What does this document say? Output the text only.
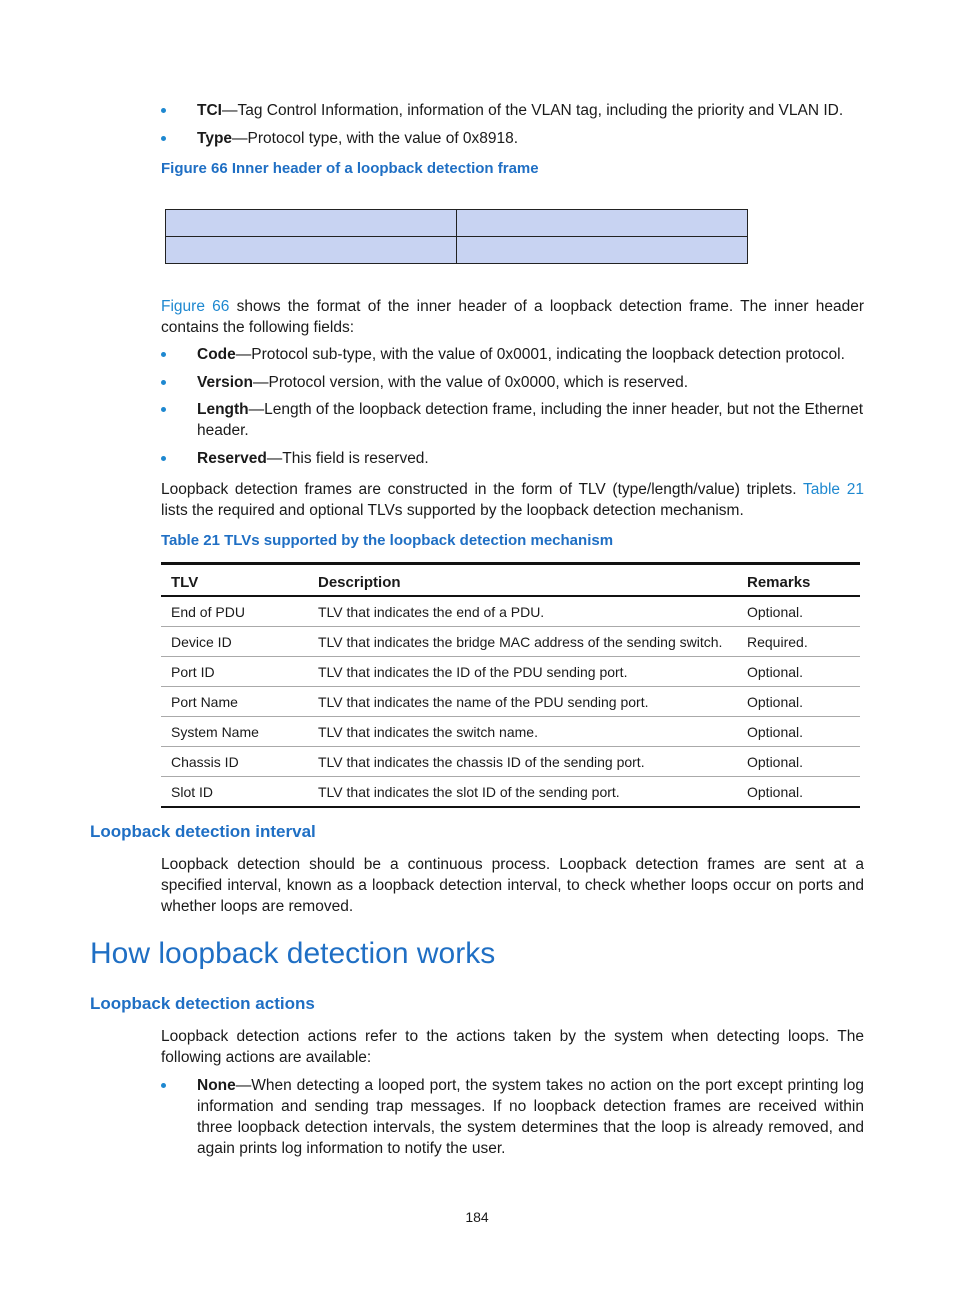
TCI—Tag Control Information, information of the VLAN tag, including the priority and VLAN ID.
Type—Protocol type, with the value of 0x8918.
Figure 66 Inner header of a loopback detection frame

Figure 66 shows the format of the inner header of a loopback detection frame. The inner header contains the following fields:
Code—Protocol sub-type, with the value of 0x0001, indicating the loopback detection protocol.
Version—Protocol version, with the value of 0x0000, which is reserved.
Length—Length of the loopback detection frame, including the inner header, but not the Ethernet header.
Reserved—This field is reserved.
Loopback detection frames are constructed in the form of TLV (type/length/value) triplets. Table 21 lists the required and optional TLVs supported by the loopback detection mechanism.
Table 21 TLVs supported by the loopback detection mechanism
TLV	Description	Remarks
End of PDU	TLV that indicates the end of a PDU.	Optional.
Device ID	TLV that indicates the bridge MAC address of the sending switch.	Required.
Port ID	TLV that indicates the ID of the PDU sending port.	Optional.
Port Name	TLV that indicates the name of the PDU sending port.	Optional.
System Name	TLV that indicates the switch name.	Optional.
Chassis ID	TLV that indicates the chassis ID of the sending port.	Optional.
Slot ID	TLV that indicates the slot ID of the sending port.	Optional.
Loopback detection interval
Loopback detection should be a continuous process. Loopback detection frames are sent at a specified interval, known as a loopback detection interval, to check whether loops occur on ports and whether loops are removed.
How loopback detection works
Loopback detection actions
Loopback detection actions refer to the actions taken by the system when detecting loops. The following actions are available:
None—When detecting a looped port, the system takes no action on the port except printing log information and sending trap messages. If no loopback detection frames are received within three loopback detection intervals, the system determines that the loop is already removed, and again prints log information to notify the user.
184
